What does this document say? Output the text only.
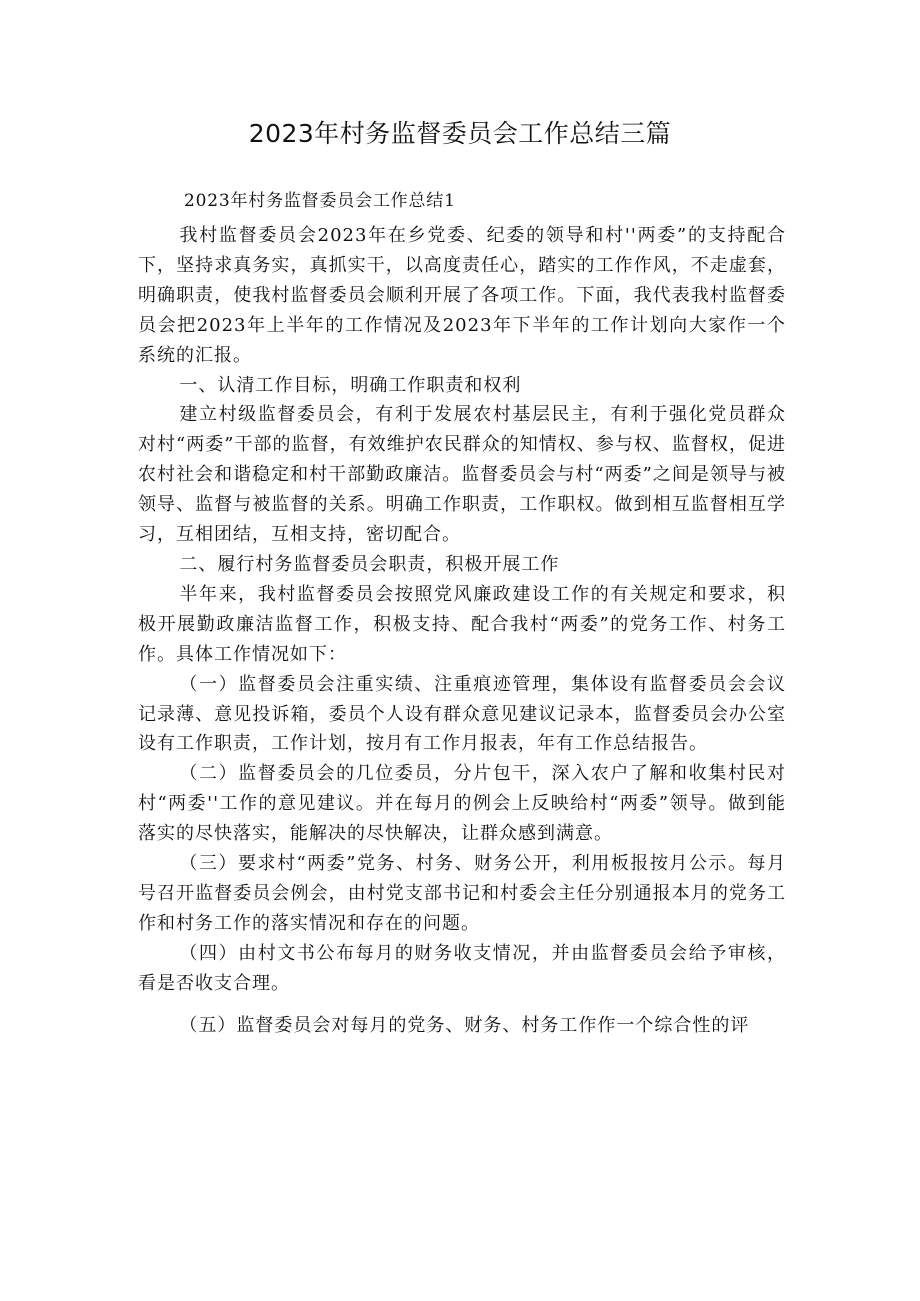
2023年村务监督委员会工作总结三篇
2023年村务监督委员会工作总结1

我村监督委员会2023年在乡党委、纪委的领导和村''两委”的支持配合下，坚持求真务实，真抓实干，以高度责任心，踏实的工作作风，不走虚套，明确职责，使我村监督委员会顺利开展了各项工作。下面，我代表我村监督委员会把2023年上半年的工作情况及2023年下半年的工作计划向大家作一个系统的汇报。

一、认清工作目标，明确工作职责和权利

建立村级监督委员会，有利于发展农村基层民主，有利于强化党员群众对村“两委”干部的监督，有效维护农民群众的知情权、参与权、监督权，促进农村社会和谐稳定和村干部勤政廉洁。监督委员会与村“两委”之间是领导与被领导、监督与被监督的关系。明确工作职责，工作职权。做到相互监督相互学习，互相团结，互相支持，密切配合。

二、履行村务监督委员会职责，积极开展工作

半年来，我村监督委员会按照党风廉政建设工作的有关规定和要求，积极开展勤政廉洁监督工作，积极支持、配合我村“两委”的党务工作、村务工作。具体工作情况如下：

（一）监督委员会注重实绩、注重痕迹管理，集体设有监督委员会会议记录薄、意见投诉箱，委员个人设有群众意见建议记录本，监督委员会办公室设有工作职责，工作计划，按月有工作月报表，年有工作总结报告。

（二）监督委员会的几位委员，分片包干，深入农户了解和收集村民对村“两委''工作的意见建议。并在每月的例会上反映给村“两委”领导。做到能落实的尽快落实，能解决的尽快解决，让群众感到满意。

（三）要求村“两委”党务、村务、财务公开，利用板报按月公示。每月号召开监督委员会例会，由村党支部书记和村委会主任分别通报本月的党务工作和村务工作的落实情况和存在的问题。

（四）由村文书公布每月的财务收支情况，并由监督委员会给予审核，看是否收支合理。

（五）监督委员会对每月的党务、财务、村务工作作一个综合性的评
